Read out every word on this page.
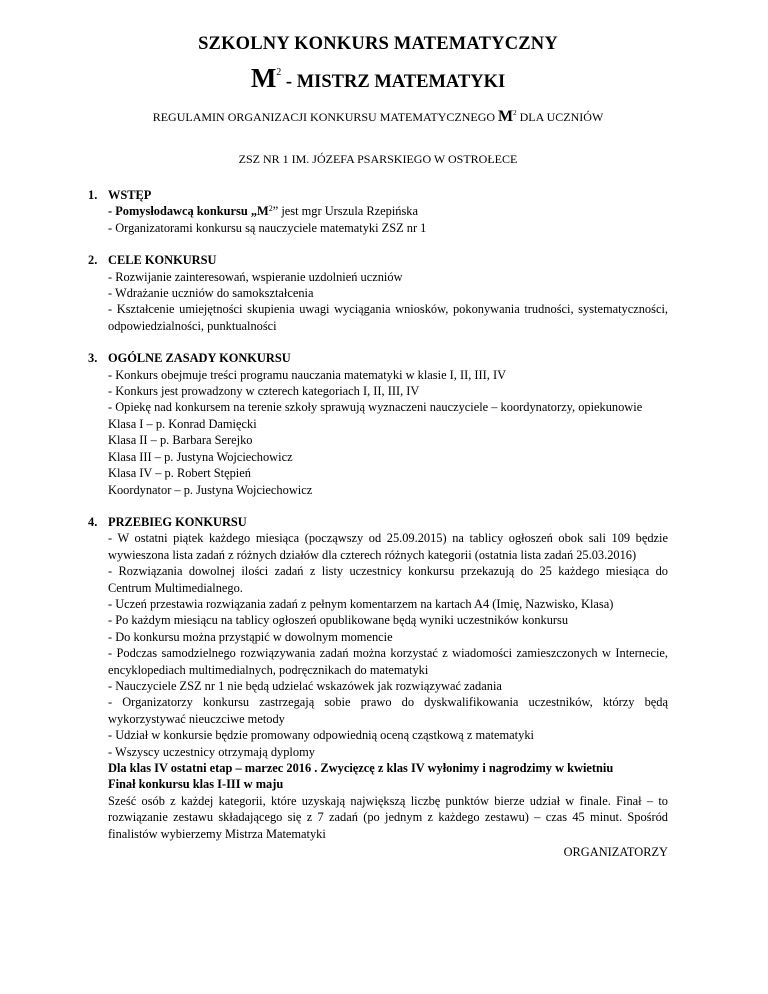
SZKOLNY KONKURS MATEMATYCZNY
$M^2$ - MISTRZ MATEMATYKI
REGULAMIN ORGANIZACJI KONKURSU MATEMATYCZNEGO $M^2$ DLA UCZNIÓW
ZSZ NR 1 IM. JÓZEFA PSARSKIEGO W OSTROŁECE
1. WSTĘP
- Pomysłodawcą konkursu $„M^2$” jest mgr Urszula Rzepińska
- Organizatorami konkursu są nauczyciele matematyki ZSZ nr 1
2. CELE KONKURSU
- Rozwijanie zainteresowań, wspieranie uzdolnień uczniów
- Wdrażanie uczniów do samokształcenia
- Kształcenie umiejętności skupienia uwagi wyciągania wniosków, pokonywania trudności, systematyczności, odpowiedzialności, punktualności
3. OGÓLNE ZASADY KONKURSU
- Konkurs obejmuje treści programu nauczania matematyki w klasie I, II, III, IV
- Konkurs jest prowadzony w czterech kategoriach I, II, III, IV
- Opiekę nad konkursem na terenie szkoły sprawują wyznaczeni nauczyciele – koordynatorzy, opiekunowie
Klasa I – p. Konrad Damięcki
Klasa II – p. Barbara Serejko
Klasa III – p. Justyna Wojciechowicz
Klasa IV – p. Robert Stępień
Koordynator – p. Justyna Wojciechowicz
4. PRZEBIEG KONKURSU
- W ostatni piątek każdego miesiąca (począwszy od 25.09.2015) na tablicy ogłoszeń obok sali 109 będzie wywieszona lista zadań z różnych działów dla czterech różnych kategorii (ostatnia lista zadań 25.03.2016)
- Rozwiązania dowolnej ilości zadań z listy uczestnicy konkursu przekazują do 25 każdego miesiąca do Centrum Multimedialnego.
- Uczeń przestawia rozwiązania zadań z pełnym komentarzem na kartach A4 (Imię, Nazwisko, Klasa)
- Po każdym miesiącu na tablicy ogłoszeń opublikowane będą wyniki uczestników konkursu
- Do konkursu można przystąpić w dowolnym momencie
- Podczas samodzielnego rozwiązywania zadań można korzystać z wiadomości zamieszczonych w Internecie, encyklopediach multimedialnych, podręcznikach do matematyki
- Nauczyciele ZSZ nr 1 nie będą udzielać wskazówek jak rozwiązywać zadania
- Organizatorzy konkursu zastrzegają sobie prawo do dyskwalifikowania uczestników, którzy będą wykorzystywać nieuczciwe metody
- Udział w konkursie będzie promowany odpowiednią oceną cząstkową z matematyki
- Wszyscy uczestnicy otrzymają dyplomy
Dla klas IV ostatni etap – marzec 2016 . Zwycięzcę z klas IV wyłonimy i nagrodzimy w kwietniu
Finał konkursu klas I-III w maju
Sześć osób z każdej kategorii, które uzyskają największą liczbę punktów bierze udział w finale. Finał – to rozwiązanie zestawu składającego się z 7 zadań (po jednym z każdego zestawu) – czas 45 minut. Spośród finalistów wybierzemy Mistrza Matematyki
ORGANIZATORZY
